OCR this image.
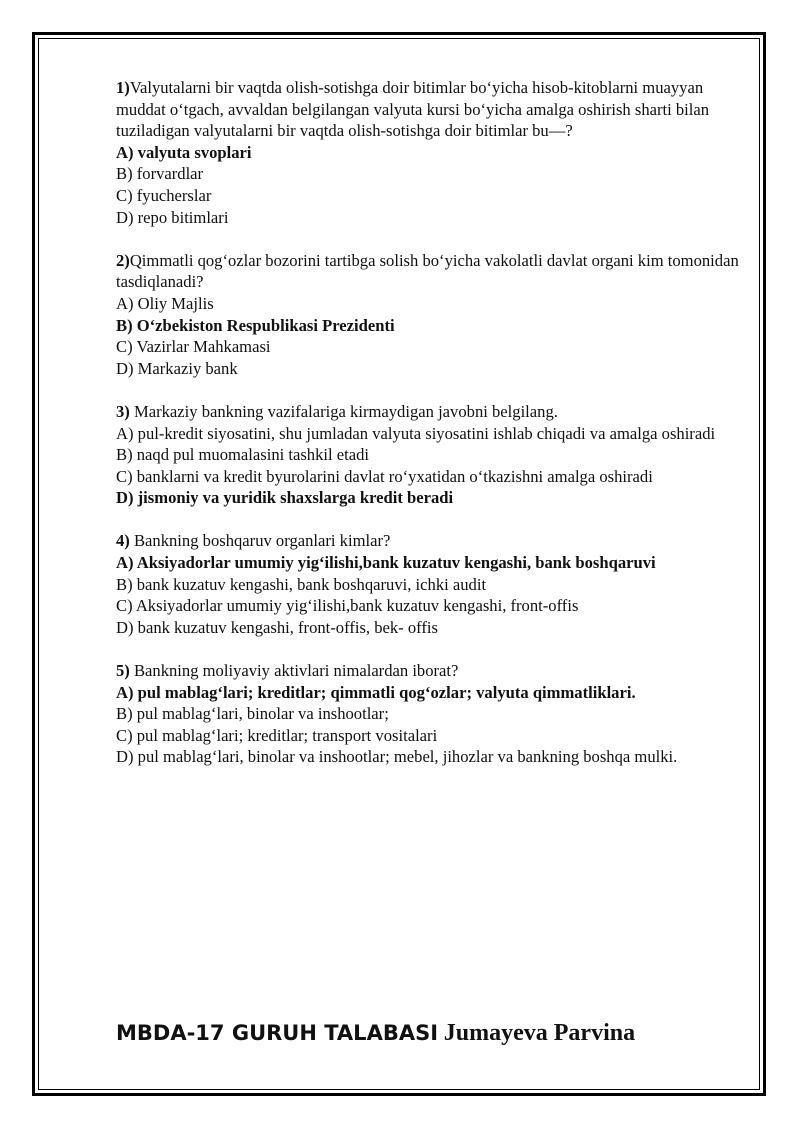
1)Valyutalarni bir vaqtda olish-sotishga doir bitimlar bo‘yicha hisob-kitoblarni muayyan muddat o‘tgach, avvaldan belgilangan valyuta kursi bo‘yicha amalga oshirish sharti bilan tuziladigan valyutalarni bir vaqtda olish-sotishga doir bitimlar bu—?

A) valyuta svoplari

B) forvardlar

C) fyucherslar

D) repo bitimlari

2)Qimmatli qog‘ozlar bozorini tartibga solish bo‘yicha vakolatli davlat organi kim tomonidan tasdiqlanadi?

A) Oliy Majlis

B) O‘zbekiston Respublikasi Prezidenti

C) Vazirlar Mahkamasi

D) Markaziy bank

3) Markaziy bankning vazifalariga kirmaydigan javobni belgilang.

A) pul-kredit siyosatini, shu jumladan valyuta siyosatini ishlab chiqadi va amalga oshiradi

B) naqd pul muomalasini tashkil etadi

C) banklarni va kredit byurolarini davlat ro‘yxatidan o‘tkazishni amalga oshiradi

D) jismoniy va yuridik shaxslarga kredit beradi

4) Bankning boshqaruv organlari kimlar?

A) Aksiyadorlar umumiy yig‘ilishi,bank kuzatuv kengashi, bank boshqaruvi

B) bank kuzatuv kengashi, bank boshqaruvi, ichki audit

C) Aksiyadorlar umumiy yig‘ilishi,bank kuzatuv kengashi, front-offis

D) bank kuzatuv kengashi, front-offis, bek- offis

5) Bankning moliyaviy aktivlari nimalardan iborat?

A) pul mablag‘lari; kreditlar; qimmatli qog‘ozlar; valyuta qimmatliklari.

B) pul mablag‘lari, binolar va inshootlar;

C) pul mablag‘lari; kreditlar; transport vositalari

D) pul mablag‘lari, binolar va inshootlar; mebel, jihozlar va bankning boshqa mulki.

MBDA-17 GURUH TALABASI Jumayeva Parvina
